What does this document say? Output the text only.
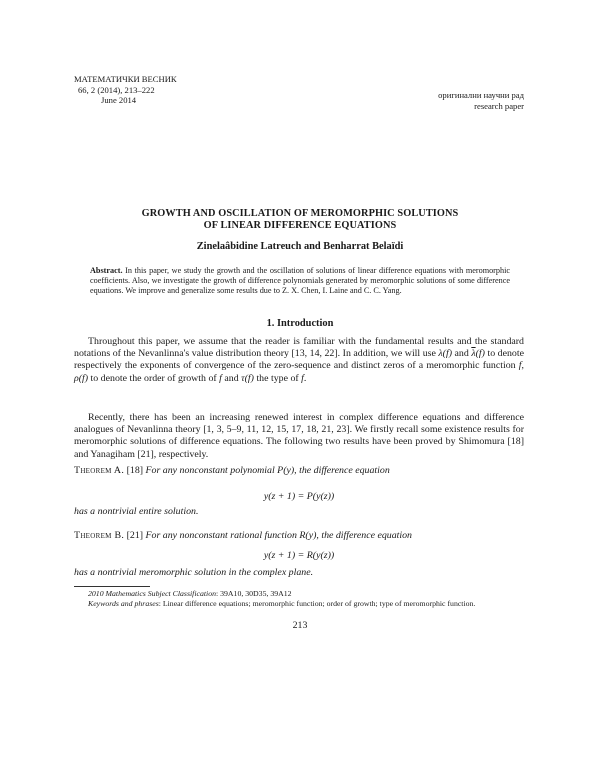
МАТЕМАТИЧКИ ВЕСНИК
66, 2 (2014), 213–222
June 2014	оригинални научни рад
research paper
GROWTH AND OSCILLATION OF MEROMORPHIC SOLUTIONS
OF LINEAR DIFFERENCE EQUATIONS
Zinelaâbidine Latreuch and Benharrat Belaïdi
Abstract. In this paper, we study the growth and the oscillation of solutions of linear difference equations with meromorphic coefficients. Also, we investigate the growth of difference polynomials generated by meromorphic solutions of some difference equations. We improve and generalize some results due to Z. X. Chen, I. Laine and C. C. Yang.
1. Introduction
Throughout this paper, we assume that the reader is familiar with the fundamental results and the standard notations of the Nevanlinna's value distribution theory [13, 14, 22]. In addition, we will use λ(f) and $\overline{\lambda}(f)$ to denote respectively the exponents of convergence of the zero-sequence and distinct zeros of a meromorphic function f, ρ(f) to denote the order of growth of f and τ(f) the type of f.
Recently, there has been an increasing renewed interest in complex difference equations and difference analogues of Nevanlinna theory [1, 3, 5–9, 11, 12, 15, 17, 18, 21, 23]. We firstly recall some existence results for meromorphic solutions of difference equations. The following two results have been proved by Shimomura [18] and Yanagiham [21], respectively.
Theorem A. [18] For any nonconstant polynomial P(y), the difference equation
y(z + 1) = P(y(z))
has a nontrivial entire solution.
Theorem B. [21] For any nonconstant rational function R(y), the difference equation
y(z + 1) = R(y(z))
has a nontrivial meromorphic solution in the complex plane.
2010 Mathematics Subject Classification: 39A10, 30D35, 39A12
Keywords and phrases: Linear difference equations; meromorphic function; order of growth; type of meromorphic function.
213
